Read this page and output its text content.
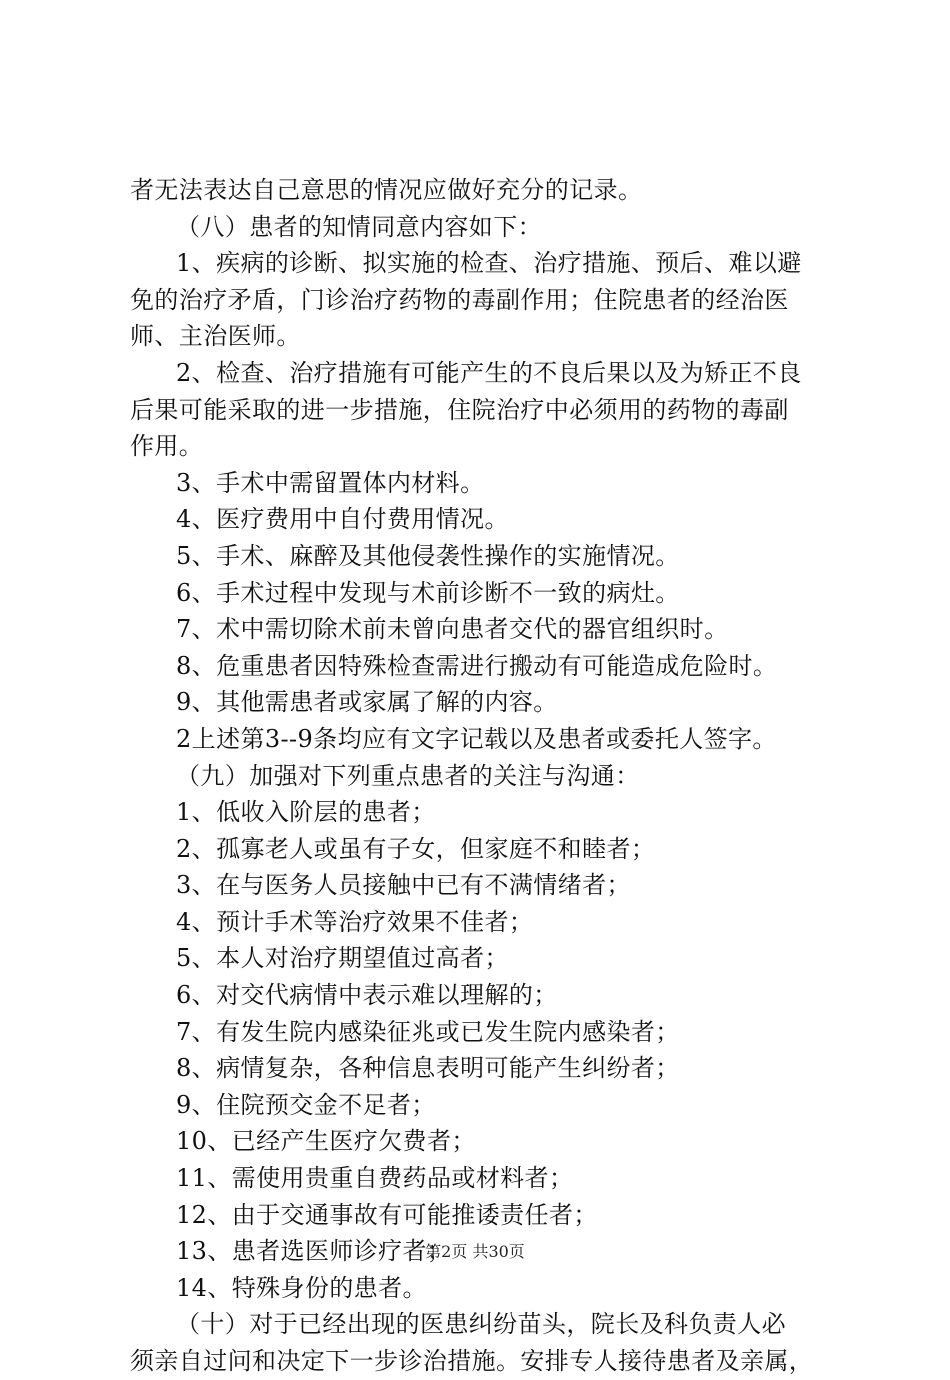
者无法表达自己意思的情况应做好充分的记录。
（八）患者的知情同意内容如下：
1、疾病的诊断、拟实施的检查、治疗措施、预后、难以避
免的治疗矛盾，门诊治疗药物的毒副作用；住院患者的经治医
师、主治医师。
2、检查、治疗措施有可能产生的不良后果以及为矫正不良
后果可能采取的进一步措施，住院治疗中必须用的药物的毒副
作用。
3、手术中需留置体内材料。
4、医疗费用中自付费用情况。
5、手术、麻醉及其他侵袭性操作的实施情况。
6、手术过程中发现与术前诊断不一致的病灶。
7、术中需切除术前未曾向患者交代的器官组织时。
8、危重患者因特殊检查需进行搬动有可能造成危险时。
9、其他需患者或家属了解的内容。
2上述第3--9条均应有文字记载以及患者或委托人签字。
（九）加强对下列重点患者的关注与沟通：
1、低收入阶层的患者；
2、孤寡老人或虽有子女，但家庭不和睦者；
3、在与医务人员接触中已有不满情绪者；
4、预计手术等治疗效果不佳者；
5、本人对治疗期望值过高者；
6、对交代病情中表示难以理解的；
7、有发生院内感染征兆或已发生院内感染者；
8、病情复杂，各种信息表明可能产生纠纷者；
9、住院预交金不足者；
10、已经产生医疗欠费者；
11、需使用贵重自费药品或材料者；
12、由于交通事故有可能推诿责任者；
13、患者选医师诊疗者；
14、特殊身份的患者。
（十）对于已经出现的医患纠纷苗头，院长及科负责人必
须亲自过问和决定下一步诊治措施。安排专人接待患者及亲属，
第2页 共30页
